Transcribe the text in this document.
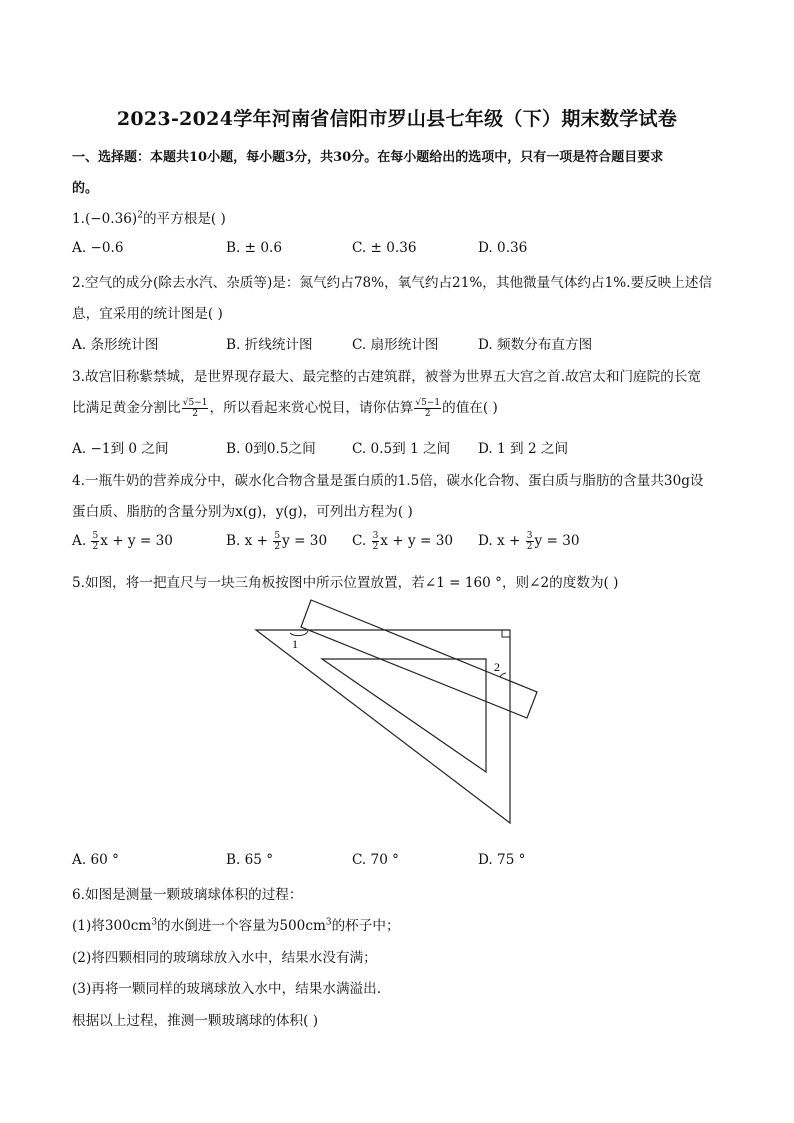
2023-2024学年河南省信阳市罗山县七年级（下）期末数学试卷
一、选择题：本题共10小题，每小题3分，共30分。在每小题给出的选项中，只有一项是符合题目要求
的。
$1.(-0.36)^2$的平方根是( )
A. −0.6	B. ± 0.6	C. ± 0.36	D. 0.36
2.空气的成分(除去水汽、杂质等)是：氮气约占78%，氧气约占21%，其他微量气体约占1%.要反映上述信
息，宜采用的统计图是( )
A. 条形统计图	B. 折线统计图	C. 扇形统计图	D. 频数分布直方图
3.故宫旧称紫禁城，是世界现存最大、最完整的古建筑群，被誉为世界五大宫之首.故宫太和门庭院的长宽
比满足黄金分割比 $\frac{√5-1}{2}$ ，所以看起来赏心悦目，请你估算 $\frac{√5-1}{2}$ 的值在( )
A. −1到 0 之间	B. 0到0.5之间	C. 0.5到 1 之间 D. 1 到 2 之间
4.一瓶牛奶的营养成分中，碳水化合物含量是蛋白质的1.5倍，碳水化合物、蛋白质与脂肪的含量共30g设
蛋白质、脂肪的含量分别为x(g)，y(g)，可列出方程为( )
A. $\frac{5}{2}$ x + y = 30	B. $x + \frac{5}{2}$ y = 30 C. $\frac{3}{2}$ x + y = 30 D. $x + \frac{3}{2}$ y = 30
5.如图，将一把直尺与一块三角板按图中所示位置放置，若∠1 = 160 °，则∠2的度数为( )
1
2
A. 60 °	B. 65 °	C. 70 °	D. 75 °
6.如图是测量一颗玻璃球体积的过程：
(1)将$300cm^3$的水倒进一个容量为$500cm^3$的杯子中；
(2)将四颗相同的玻璃球放入水中，结果水没有满；
(3)再将一颗同样的玻璃球放入水中，结果水满溢出.
根据以上过程，推测一颗玻璃球的体积( )
